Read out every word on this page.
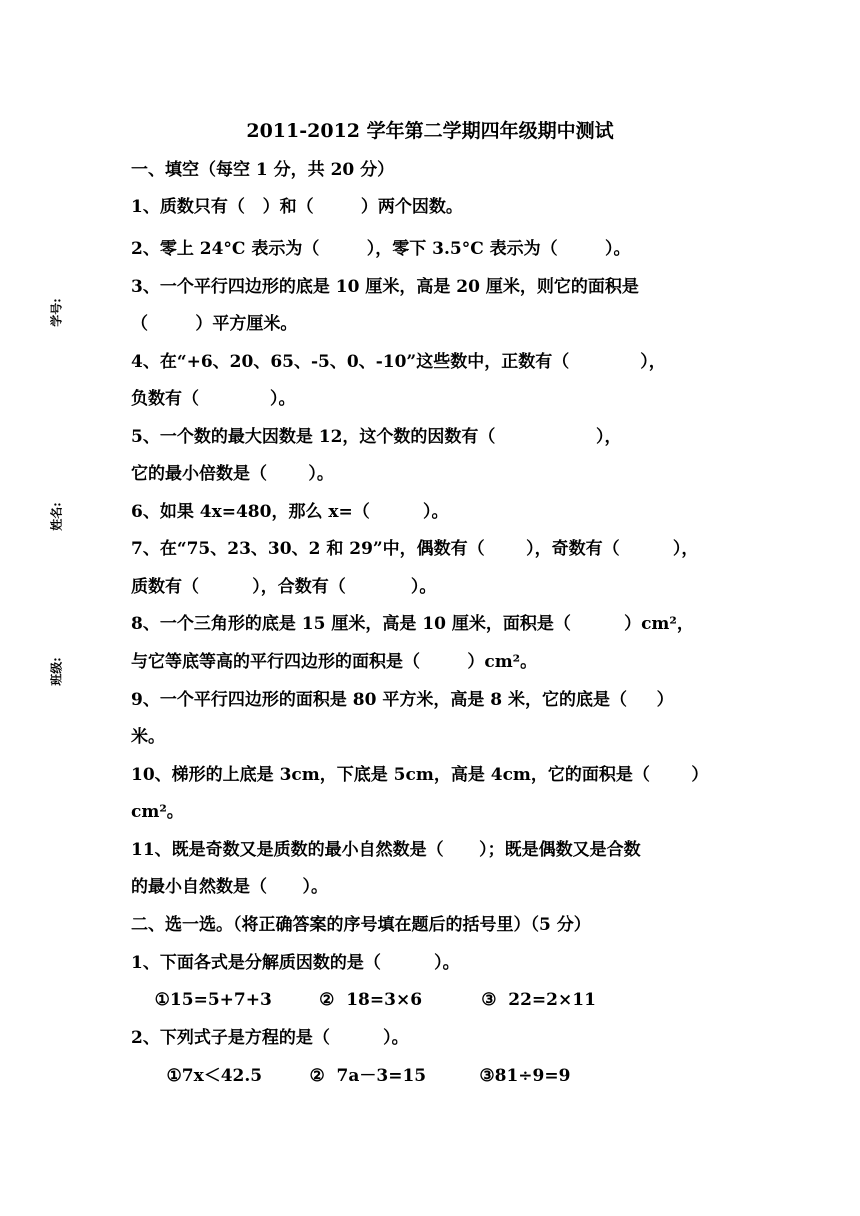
学号:
姓名:
班级:
2011-2012 学年第二学期四年级期中测试
一、填空（每空 1 分，共 20 分）
1、质数只有（   ）和（        ）两个因数。
2、零上 24°C 表示为（        ），零下 3.5°C 表示为（        ）。
3、一个平行四边形的底是 10 厘米，高是 20 厘米，则它的面积是
（        ）平方厘米。
4、在“+6、20、65、-5、0、-10”这些数中，正数有（            ），
负数有（            ）。
5、一个数的最大因数是 12，这个数的因数有（                 ），
它的最小倍数是（       ）。
6、如果 4x=480，那么 x=（         ）。
7、在“75、23、30、2 和 29”中，偶数有（       ），奇数有（         ），
质数有（         ），合数有（           ）。
8、一个三角形的底是 15 厘米，高是 10 厘米，面积是（         ）cm²，
与它等底等高的平行四边形的面积是（        ）cm²。
9、一个平行四边形的面积是 80 平方米，高是 8 米，它的底是（     ）
米。
10、梯形的上底是 3cm，下底是 5cm，高是 4cm，它的面积是（       ）
cm²。
11、既是奇数又是质数的最小自然数是（      ）；既是偶数又是合数
的最小自然数是（      ）。
二、选一选。（将正确答案的序号填在题后的括号里）（5 分）
1、下面各式是分解质因数的是（         ）。
①15=5+7+3        ②  18=3×6          ③  22=2×11
2、下列式子是方程的是（         ）。
①7x＜42.5        ②  7a－3=15         ③81÷9=9
